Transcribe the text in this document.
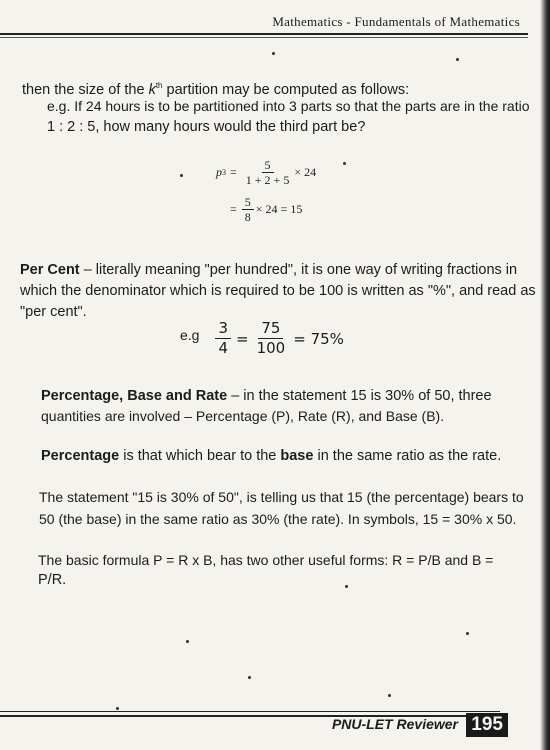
Mathematics - Fundamentals of Mathematics
then the size of the $k^{th}$ partition may be computed as follows:
e.g. If 24 hours is to be partitioned into 3 parts so that the parts are in the ratio
1 : 2 : 5, how many hours would the third part be?
p $3 = \frac{5}{1 + 2 + 5} \times 24$
= $\frac{5}{8} \times 24 = 15$
Per Cent – literally meaning "per hundred", it is one way of writing fractions in
which the denominator which is required to be 100 is written as "%", and read as
"per cent".
$e.g \frac{3}{4} = \frac{75}{100} = 75\%$
Percentage, Base and Rate – in the statement 15 is 30% of 50, three
quantities are involved – Percentage (P), Rate (R), and Base (B).
Percentage is that which bear to the base in the same ratio as the rate.
The statement "15 is 30% of 50", is telling us that 15 (the percentage) bears to
50 (the base) in the same ratio as 30% (the rate). In symbols, 15 = 30% x 50.
The basic formula P = R x B, has two other useful forms: R = P/B and B =
P/R.
PNU-LET Reviewer 195
